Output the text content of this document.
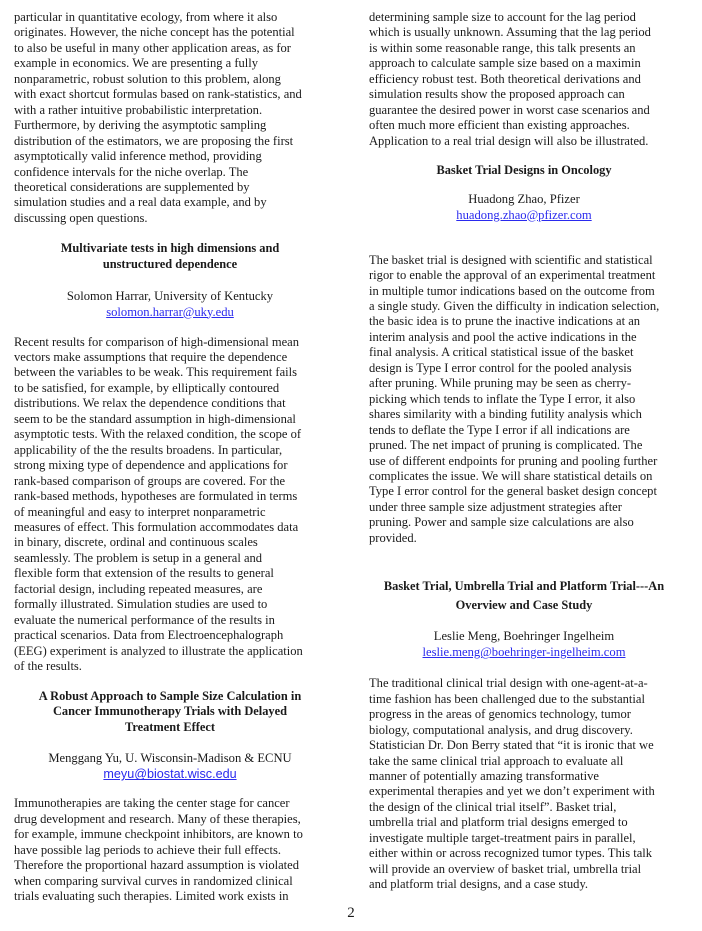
particular in quantitative ecology, from where it also
originates. However, the niche concept has the potential
to also be useful in many other application areas, as for
example in economics. We are presenting a fully
nonparametric, robust solution to this problem, along
with exact shortcut formulas based on rank-statistics, and
with a rather intuitive probabilistic interpretation.
Furthermore, by deriving the asymptotic sampling
distribution of the estimators, we are proposing the first
asymptotically valid inference method, providing
confidence intervals for the niche overlap. The
theoretical considerations are supplemented by
simulation studies and a real data example, and by
discussing open questions.

Multivariate tests in high dimensions and
unstructured dependence

Solomon Harrar, University of Kentucky

solomon.harrar@uky.edu

Recent results for comparison of high-dimensional mean
vectors make assumptions that require the dependence
between the variables to be weak. This requirement fails
to be satisfied, for example, by elliptically contoured
distributions. We relax the dependence conditions that
seem to be the standard assumption in high-dimensional
asymptotic tests. With the relaxed condition, the scope of
applicability of the the results broadens. In particular,
strong mixing type of dependence and applications for
rank-based comparison of groups are covered. For the
rank-based methods, hypotheses are formulated in terms
of meaningful and easy to interpret nonparametric
measures of effect. This formulation accommodates data
in binary, discrete, ordinal and continuous scales
seamlessly. The problem is setup in a general and
flexible form that extension of the results to general
factorial design, including repeated measures, are
formally illustrated. Simulation studies are used to
evaluate the numerical performance of the results in
practical scenarios. Data from Electroencephalograph
(EEG) experiment is analyzed to illustrate the application
of the results.

A Robust Approach to Sample Size Calculation in
Cancer Immunotherapy Trials with Delayed
Treatment Effect

Menggang Yu, U. Wisconsin-Madison & ECNU

meyu@biostat.wisc.edu

Immunotherapies are taking the center stage for cancer
drug development and research. Many of these therapies,
for example, immune checkpoint inhibitors, are known to
have possible lag periods to achieve their full effects.
Therefore the proportional hazard assumption is violated
when comparing survival curves in randomized clinical
trials evaluating such therapies. Limited work exists in

determining sample size to account for the lag period
which is usually unknown. Assuming that the lag period
is within some reasonable range, this talk presents an
approach to calculate sample size based on a maximin
efficiency robust test. Both theoretical derivations and
simulation results show the proposed approach can
guarantee the desired power in worst case scenarios and
often much more efficient than existing approaches.
Application to a real trial design will also be illustrated.

Basket Trial Designs in Oncology

Huadong Zhao, Pfizer

huadong.zhao@pfizer.com

The basket trial is designed with scientific and statistical
rigor to enable the approval of an experimental treatment
in multiple tumor indications based on the outcome from
a single study. Given the difficulty in indication selection,
the basic idea is to prune the inactive indications at an
interim analysis and pool the active indications in the
final analysis. A critical statistical issue of the basket
design is Type I error control for the pooled analysis
after pruning. While pruning may be seen as cherry-
picking which tends to inflate the Type I error, it also
shares similarity with a binding futility analysis which
tends to deflate the Type I error if all indications are
pruned. The net impact of pruning is complicated. The
use of different endpoints for pruning and pooling further
complicates the issue. We will share statistical details on
Type I error control for the general basket design concept
under three sample size adjustment strategies after
pruning. Power and sample size calculations are also
provided.

Basket Trial, Umbrella Trial and Platform Trial---An
Overview and Case Study

Leslie Meng, Boehringer Ingelheim

leslie.meng@boehringer-ingelheim.com

The traditional clinical trial design with one-agent-at-a-
time fashion has been challenged due to the substantial
progress in the areas of genomics technology, tumor
biology, computational analysis, and drug discovery.
Statistician Dr. Don Berry stated that “it is ironic that we
take the same clinical trial approach to evaluate all
manner of potentially amazing transformative
experimental therapies and yet we don’t experiment with
the design of the clinical trial itself”. Basket trial,
umbrella trial and platform trial designs emerged to
investigate multiple target-treatment pairs in parallel,
either within or across recognized tumor types. This talk
will provide an overview of basket trial, umbrella trial
and platform trial designs, and a case study.

2
